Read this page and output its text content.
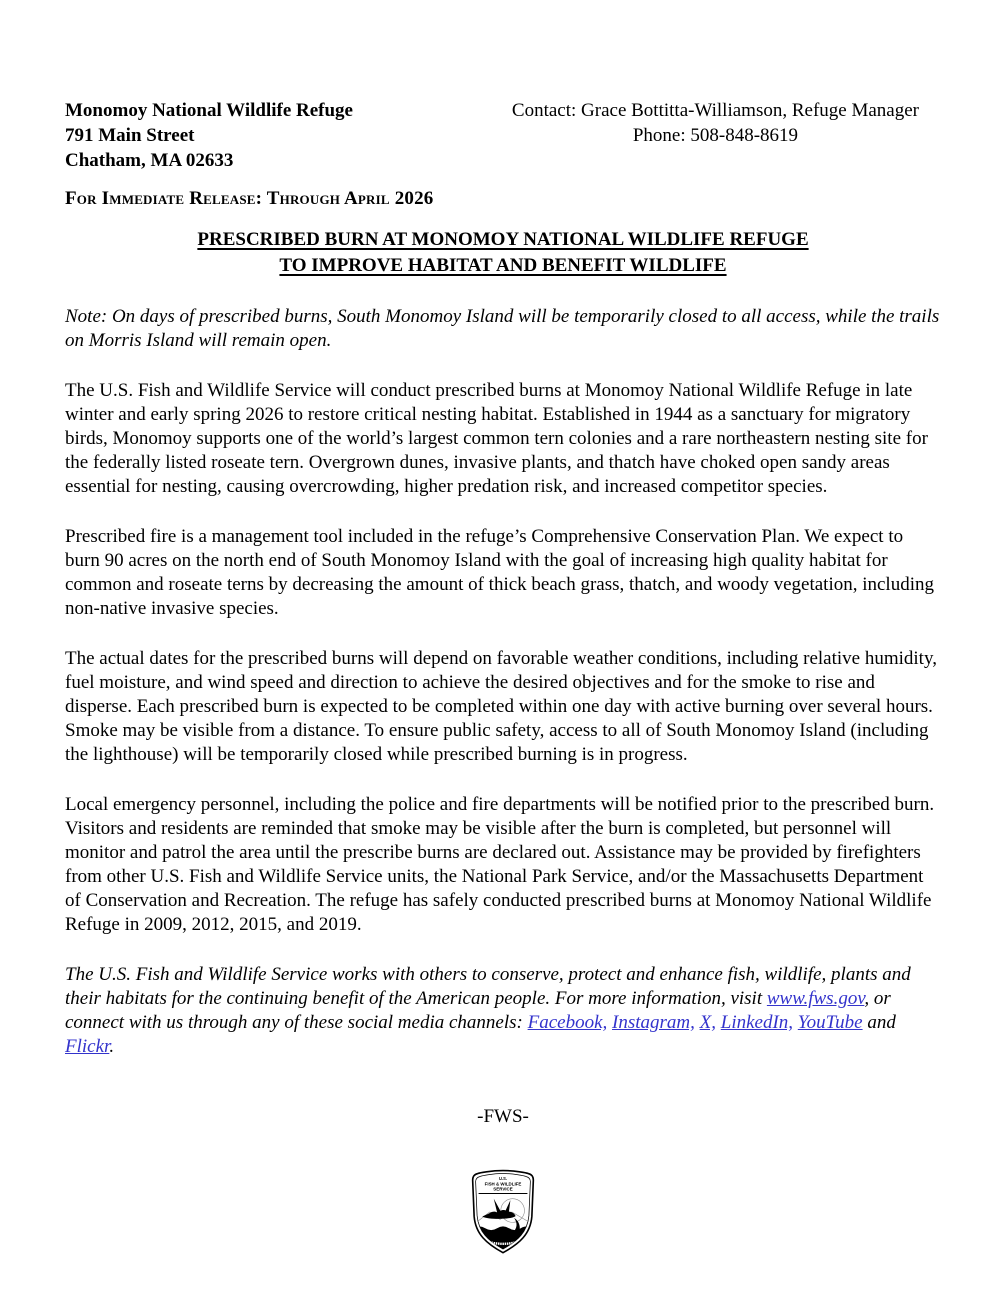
Monomoy National Wildlife Refuge
791 Main Street
Chatham, MA 02633
Contact: Grace Bottitta-Williamson, Refuge Manager
Phone: 508-848-8619
For Immediate Release: Through April 2026
PRESCRIBED BURN AT MONOMOY NATIONAL WILDLIFE REFUGE
TO IMPROVE HABITAT AND BENEFIT WILDLIFE

Note: On days of prescribed burns, South Monomoy Island will be temporarily closed to all access, while the trails on Morris Island will remain open.

The U.S. Fish and Wildlife Service will conduct prescribed burns at Monomoy National Wildlife Refuge in late winter and early spring 2026 to restore critical nesting habitat. Established in 1944 as a sanctuary for migratory birds, Monomoy supports one of the world’s largest common tern colonies and a rare northeastern nesting site for the federally listed roseate tern. Overgrown dunes, invasive plants, and thatch have choked open sandy areas essential for nesting, causing overcrowding, higher predation risk, and increased competitor species.

Prescribed fire is a management tool included in the refuge’s Comprehensive Conservation Plan. We expect to burn 90 acres on the north end of South Monomoy Island with the goal of increasing high quality habitat for common and roseate terns by decreasing the amount of thick beach grass, thatch, and woody vegetation, including non-native invasive species.

The actual dates for the prescribed burns will depend on favorable weather conditions, including relative humidity, fuel moisture, and wind speed and direction to achieve the desired objectives and for the smoke to rise and disperse. Each prescribed burn is expected to be completed within one day with active burning over several hours. Smoke may be visible from a distance. To ensure public safety, access to all of South Monomoy Island (including the lighthouse) will be temporarily closed while prescribed burning is in progress.

Local emergency personnel, including the police and fire departments will be notified prior to the prescribed burn. Visitors and residents are reminded that smoke may be visible after the burn is completed, but personnel will monitor and patrol the area until the prescribe burns are declared out. Assistance may be provided by firefighters from other U.S. Fish and Wildlife Service units, the National Park Service, and/or the Massachusetts Department of Conservation and Recreation. The refuge has safely conducted prescribed burns at Monomoy National Wildlife Refuge in 2009, 2012, 2015, and 2019.

The U.S. Fish and Wildlife Service works with others to conserve, protect and enhance fish, wildlife, plants and their habitats for the continuing benefit of the American people. For more information, visit www.fws.gov, or connect with us through any of these social media channels: Facebook, Instagram, X, LinkedIn, YouTube and Flickr.

-FWS-
U.S.
FISH & WILDLIFE
SERVICE
